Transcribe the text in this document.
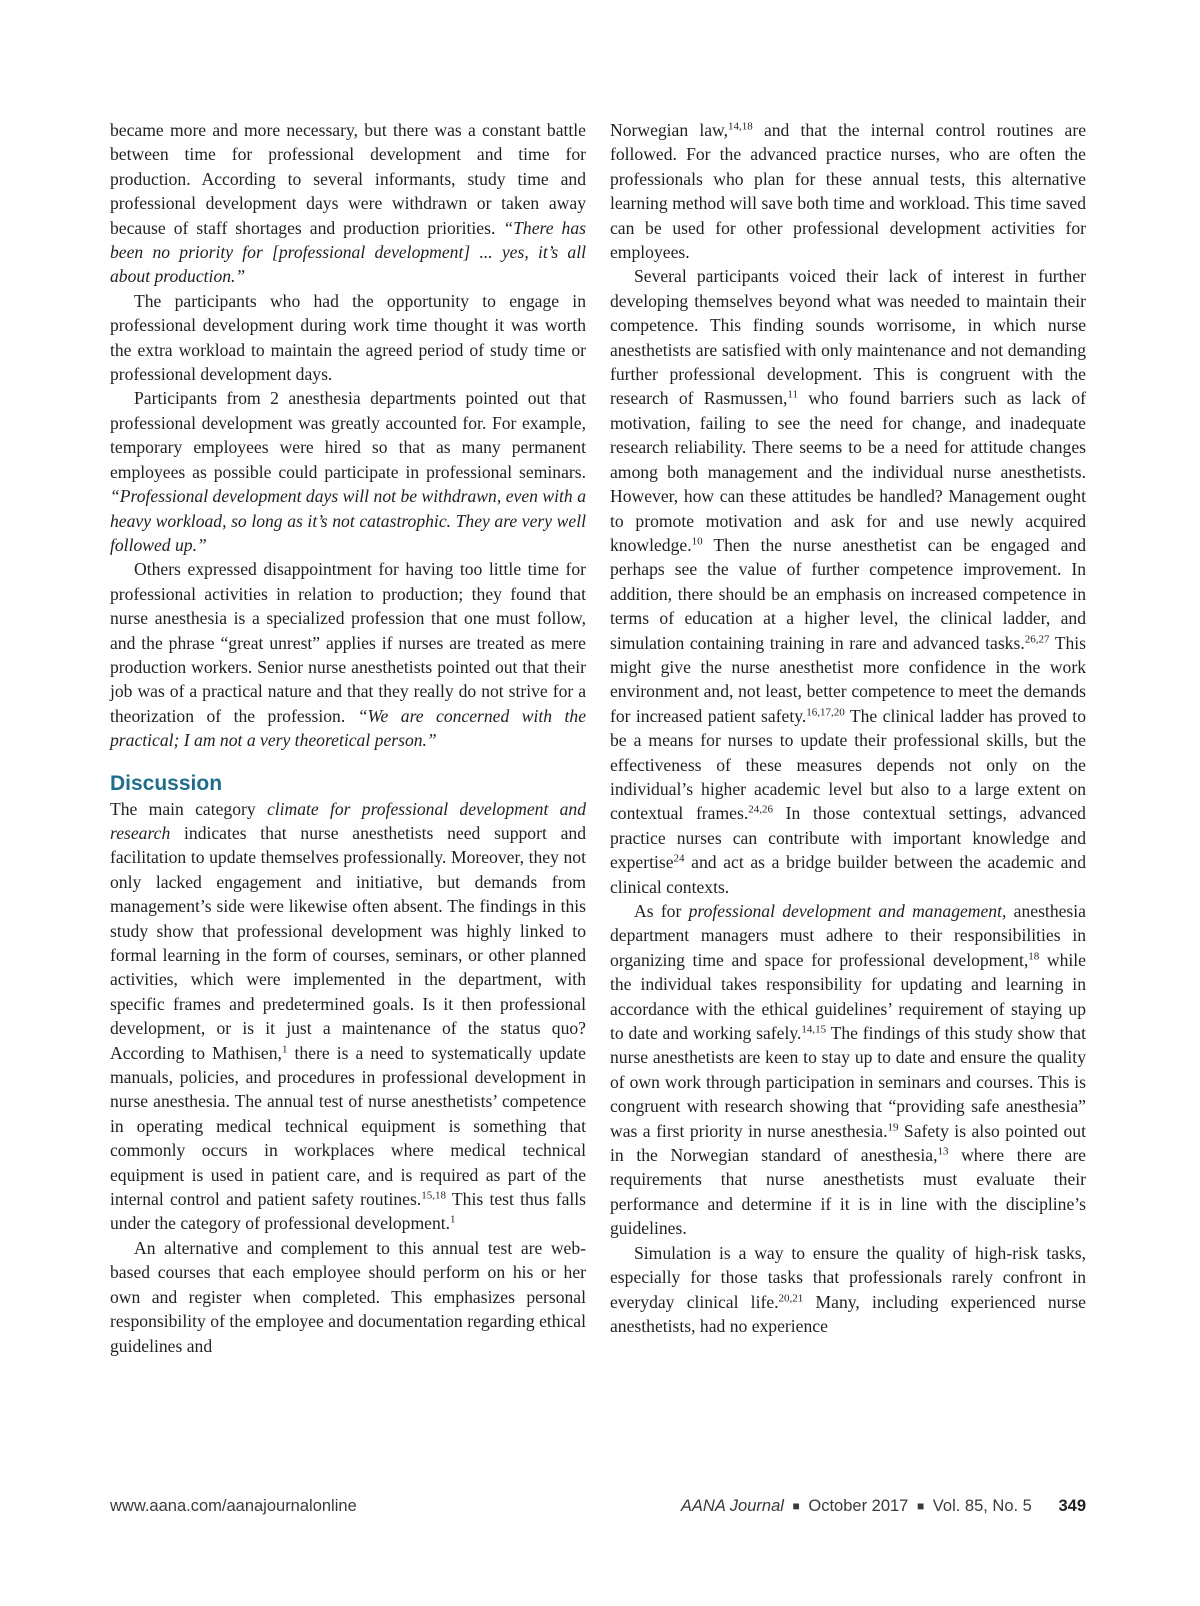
became more and more necessary, but there was a constant battle between time for professional development and time for production. According to several informants, study time and professional development days were withdrawn or taken away because of staff shortages and production priorities. “There has been no priority for [professional development] ... yes, it’s all about production.”

The participants who had the opportunity to engage in professional development during work time thought it was worth the extra workload to maintain the agreed period of study time or professional development days.

Participants from 2 anesthesia departments pointed out that professional development was greatly accounted for. For example, temporary employees were hired so that as many permanent employees as possible could participate in professional seminars. “Professional development days will not be withdrawn, even with a heavy workload, so long as it’s not catastrophic. They are very well followed up.”

Others expressed disappointment for having too little time for professional activities in relation to production; they found that nurse anesthesia is a specialized profession that one must follow, and the phrase “great unrest” applies if nurses are treated as mere production workers. Senior nurse anesthetists pointed out that their job was of a practical nature and that they really do not strive for a theorization of the profession. “We are concerned with the practical; I am not a very theoretical person.”

Discussion

The main category climate for professional development and research indicates that nurse anesthetists need support and facilitation to update themselves professionally. Moreover, they not only lacked engagement and initiative, but demands from management’s side were likewise often absent. The findings in this study show that professional development was highly linked to formal learning in the form of courses, seminars, or other planned activities, which were implemented in the department, with specific frames and predetermined goals. Is it then professional development, or is it just a maintenance of the status quo? According to Mathisen,$^1$ there is a need to systematically update manuals, policies, and procedures in professional development in nurse anesthesia. The annual test of nurse anesthetists’ competence in operating medical technical equipment is something that commonly occurs in workplaces where medical technical equipment is used in patient care, and is required as part of the internal control and patient safety routines.$^{15,18}$ This test thus falls under the category of professional development.$^1$

An alternative and complement to this annual test are web-based courses that each employee should perform on his or her own and register when completed. This emphasizes personal responsibility of the employee and documentation regarding ethical guidelines and

Norwegian law,$^{14,18}$ and that the internal control routines are followed. For the advanced practice nurses, who are often the professionals who plan for these annual tests, this alternative learning method will save both time and workload. This time saved can be used for other professional development activities for employees.

Several participants voiced their lack of interest in further developing themselves beyond what was needed to maintain their competence. This finding sounds worrisome, in which nurse anesthetists are satisfied with only maintenance and not demanding further professional development. This is congruent with the research of Rasmussen,$^{11}$ who found barriers such as lack of motivation, failing to see the need for change, and inadequate research reliability. There seems to be a need for attitude changes among both management and the individual nurse anesthetists. However, how can these attitudes be handled? Management ought to promote motivation and ask for and use newly acquired knowledge.$^{10}$ Then the nurse anesthetist can be engaged and perhaps see the value of further competence improvement. In addition, there should be an emphasis on increased competence in terms of education at a higher level, the clinical ladder, and simulation containing training in rare and advanced tasks.$^{26,27}$ This might give the nurse anesthetist more confidence in the work environment and, not least, better competence to meet the demands for increased patient safety.$^{16,17,20}$ The clinical ladder has proved to be a means for nurses to update their professional skills, but the effectiveness of these measures depends not only on the individual’s higher academic level but also to a large extent on contextual frames.$^{24,26}$ In those contextual settings, advanced practice nurses can contribute with important knowledge and expertise$^{24}$ and act as a bridge builder between the academic and clinical contexts.

As for professional development and management, anesthesia department managers must adhere to their responsibilities in organizing time and space for professional development,$^{18}$ while the individual takes responsibility for updating and learning in accordance with the ethical guidelines’ requirement of staying up to date and working safely.$^{14,15}$ The findings of this study show that nurse anesthetists are keen to stay up to date and ensure the quality of own work through participation in seminars and courses. This is congruent with research showing that “providing safe anesthesia” was a first priority in nurse anesthesia.$^{19}$ Safety is also pointed out in the Norwegian standard of anesthesia,$^{13}$ where there are requirements that nurse anesthetists must evaluate their performance and determine if it is in line with the discipline’s guidelines.

Simulation is a way to ensure the quality of high-risk tasks, especially for those tasks that professionals rarely confront in everyday clinical life.$^{20,21}$ Many, including experienced nurse anesthetists, had no experience

www.aana.com/aanajournalonline	AANA Journal ■ October 2017 ■ Vol. 85, No. 5 349
